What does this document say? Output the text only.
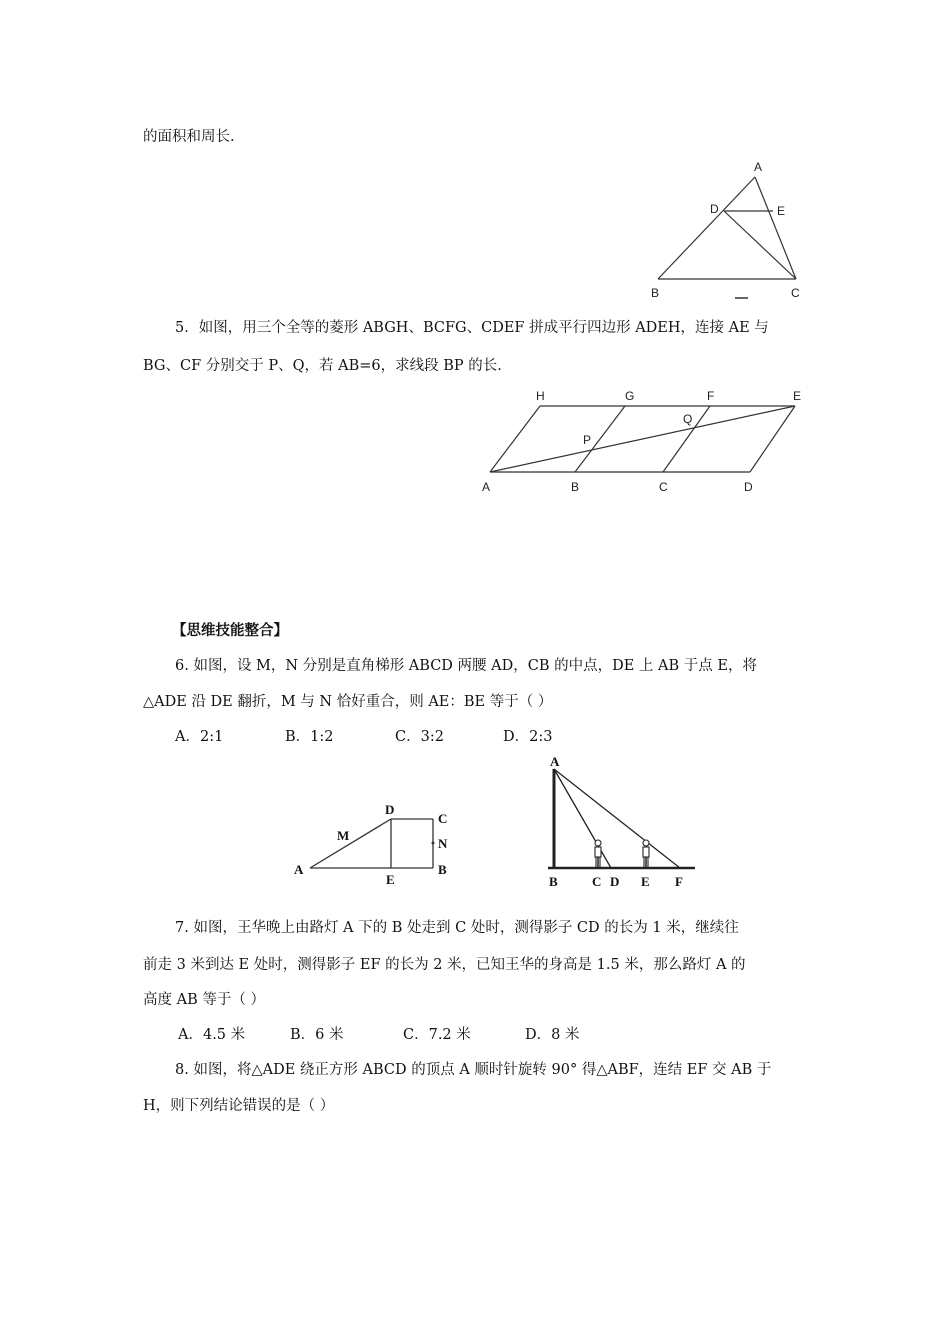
的面积和周长.
A
D	E
B	C
5．如图，用三个全等的菱形 ABGH、BCFG、CDEF 拼成平行四边形 ADEH，连接 AE 与
BG、CF 分别交于 P、Q，若 AB=6，求线段 BP 的长.
H	G	F	E
Q
P
A	B	C	D
【思维技能整合】
6. 如图，设 M，N 分别是直角梯形 ABCD 两腰 AD，CB 的中点，DE 上 AB 于点 E，将
△ADE 沿 DE 翻折，M 与 N 恰好重合，则 AE：BE 等于（ ）
A．2:1	B．1:2	C．3:2	D．2:3
D
C
M
N
A
E
B
A
B	C D E F
7. 如图，王华晚上由路灯 A 下的 B 处走到 C 处时，测得影子 CD 的长为 1 米，继续往
前走 3 米到达 E 处时，测得影子 EF 的长为 2 米，已知王华的身高是 1.5 米，那么路灯 A 的
高度 AB 等于（ ）
A．4.5 米	B．6 米	C．7.2 米	D．8 米
8. 如图，将△ADE 绕正方形 ABCD 的顶点 A 顺时针旋转 90° 得△ABF，连结 EF 交 AB 于
H，则下列结论错误的是（ ）
